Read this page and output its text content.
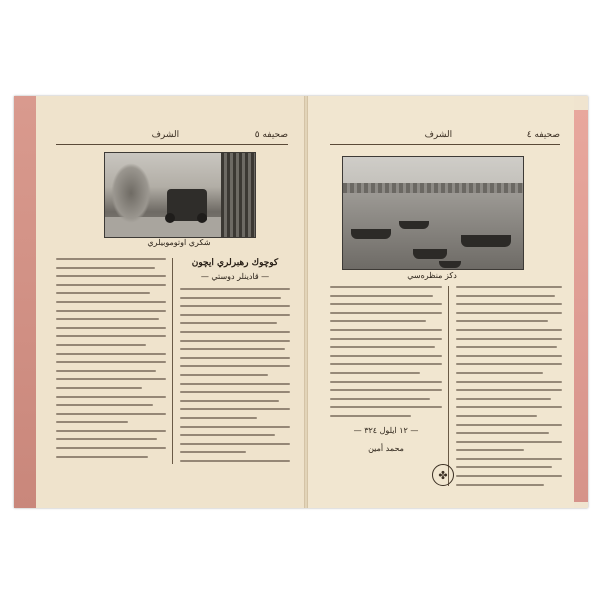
صحيفه ٥
الشرف
شكري اوتوموبيلري
كوچوك رهبرلري ايچون
— قادينلر دوستي —
صحيفه ٤
الشرف
دكز منظره‌سي
— ١٢ ايلول ٣٢٤ —
محمد أمين
✤
